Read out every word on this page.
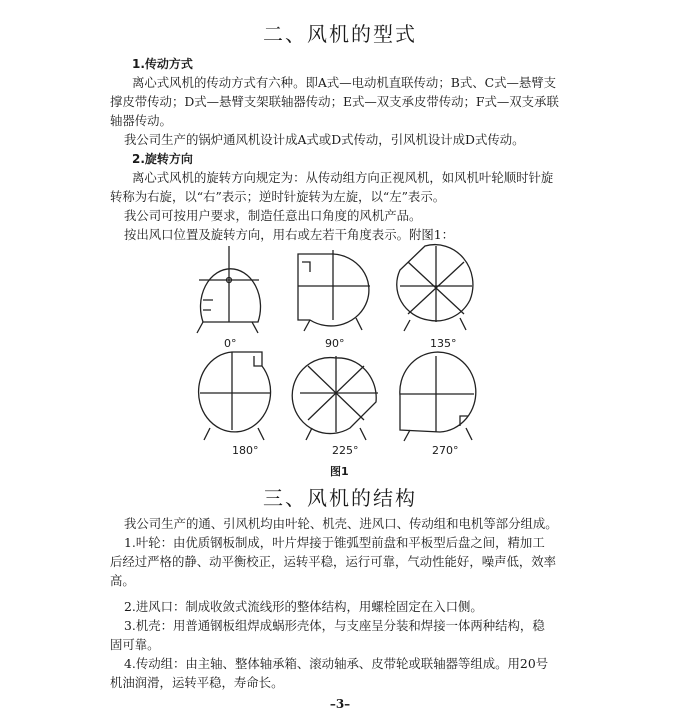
二、风机的型式
1.传动方式
离心式风机的传动方式有六种。即A式—电动机直联传动；B式、C式—悬臂支
撑皮带传动；D式—悬臂支架联轴器传动；E式—双支承皮带传动；F式—双支承联
轴器传动。
我公司生产的锅炉通风机设计成A式或D式传动，引风机设计成D式传动。
2.旋转方向
离心式风机的旋转方向规定为：从传动组方向正视风机，如风机叶轮顺时针旋
转称为右旋，以“右”表示；逆时针旋转为左旋，以“左”表示。
我公司可按用户要求，制造任意出口角度的风机产品。
按出风口位置及旋转方向，用右或左若干角度表示。附图1：
0°	90°	135°
180°	225°	270°
图1
三、风机的结构
我公司生产的通、引风机均由叶轮、机壳、进风口、传动组和电机等部分组成。
1.叶轮：由优质钢板制成，叶片焊接于锥弧型前盘和平板型后盘之间，精加工
后经过严格的静、动平衡校正，运转平稳，运行可靠，气动性能好，噪声低，效率
高。
2.进风口：制成收敛式流线形的整体结构，用螺栓固定在入口侧。
3.机壳：用普通钢板组焊成蜗形壳体，与支座呈分装和焊接一体两种结构，稳
固可靠。
4.传动组：由主轴、整体轴承箱、滚动轴承、皮带轮或联轴器等组成。用20号
机油润滑，运转平稳，寿命长。
–3–
